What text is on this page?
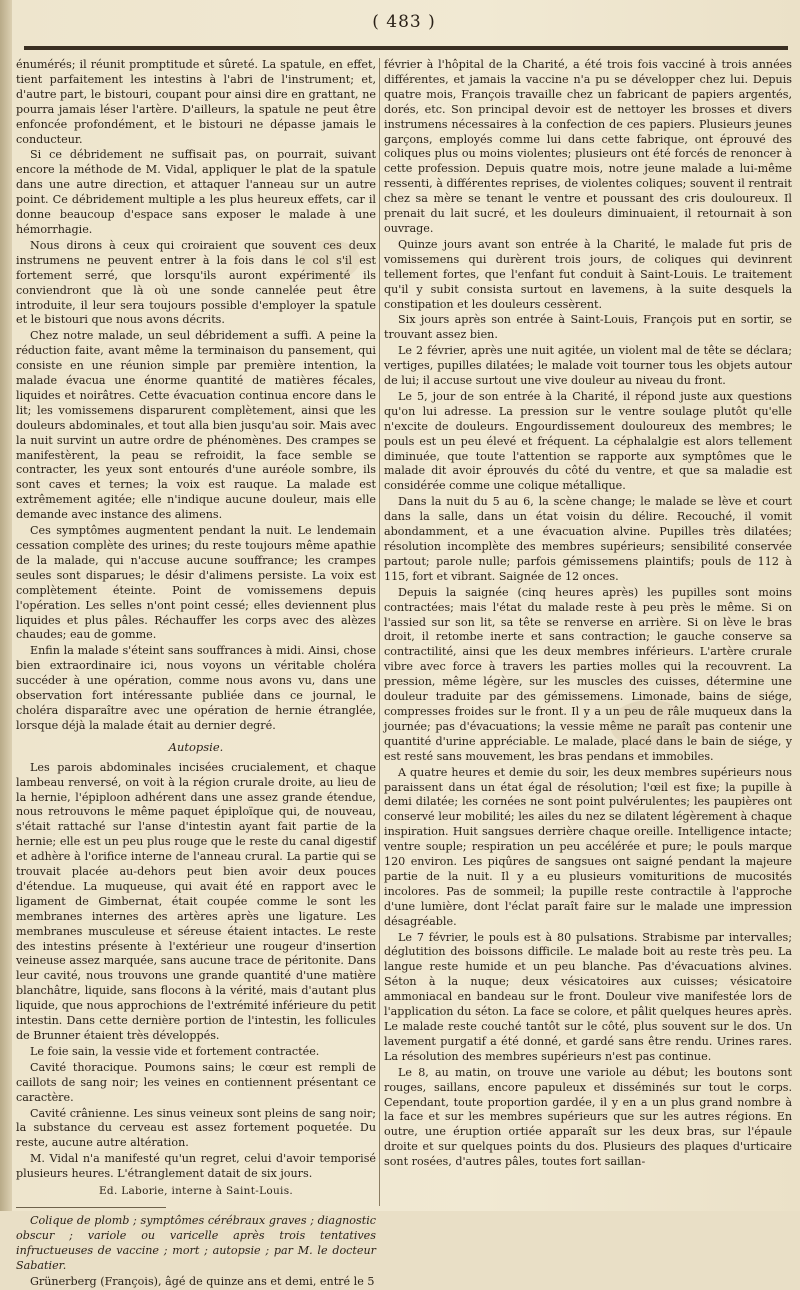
( 483 )

énumérés; il réunit promptitude et sûreté. La spatule, en effet, tient parfaitement les intestins à l'abri de l'instrument; et, d'autre part, le bistouri, coupant pour ainsi dire en grattant, ne pourra jamais léser l'artère. D'ailleurs, la spatule ne peut être enfoncée profondément, et le bistouri ne dépasse jamais le conducteur.

Si ce débridement ne suffisait pas, on pourrait, suivant encore la méthode de M. Vidal, appliquer le plat de la spatule dans une autre direction, et attaquer l'anneau sur un autre point. Ce débridement multiple a les plus heureux effets, car il donne beaucoup d'espace sans exposer le malade à une hémorrhagie.

Nous dirons à ceux qui croiraient que souvent ces deux instrumens ne peuvent entrer à la fois dans le col s'il est fortement serré, que lorsqu'ils auront expérimenté ils conviendront que là où une sonde cannelée peut être introduite, il leur sera toujours possible d'employer la spatule et le bistouri que nous avons décrits.

Chez notre malade, un seul débridement a suffi. A peine la réduction faite, avant même la terminaison du pansement, qui consiste en une réunion simple par première intention, la malade évacua une énorme quantité de matières fécales, liquides et noirâtres. Cette évacuation continua encore dans le lit; les vomissemens disparurent complètement, ainsi que les douleurs abdominales, et tout alla bien jusqu'au soir. Mais avec la nuit survint un autre ordre de phénomènes. Des crampes se manifestèrent, la peau se refroidit, la face semble se contracter, les yeux sont entourés d'une auréole sombre, ils sont caves et ternes; la voix est rauque. La malade est extrêmement agitée; elle n'indique aucune douleur, mais elle demande avec instance des alimens.

Ces symptômes augmentent pendant la nuit. Le lendemain cessation complète des urines; du reste toujours même apathie de la malade, qui n'accuse aucune souffrance; les crampes seules sont disparues; le désir d'alimens persiste. La voix est complètement éteinte. Point de vomissemens depuis l'opération. Les selles n'ont point cessé; elles deviennent plus liquides et plus pâles. Réchauffer les corps avec des alèzes chaudes; eau de gomme.

Enfin la malade s'éteint sans souffrances à midi. Ainsi, chose bien extraordinaire ici, nous voyons un véritable choléra succéder à une opération, comme nous avons vu, dans une observation fort intéressante publiée dans ce journal, le choléra disparaître avec une opération de hernie étranglée, lorsque déjà la malade était au dernier degré.

Autopsie.

Les parois abdominales incisées crucialement, et chaque lambeau renversé, on voit à la région crurale droite, au lieu de la hernie, l'épiploon adhérent dans une assez grande étendue, nous retrouvons le même paquet épiploïque qui, de nouveau, s'était rattaché sur l'anse d'intestin ayant fait partie de la hernie; elle est un peu plus rouge que le reste du canal digestif et adhère à l'orifice interne de l'anneau crural. La partie qui se trouvait placée au-dehors peut bien avoir deux pouces d'étendue. La muqueuse, qui avait été en rapport avec le ligament de Gimbernat, était coupée comme le sont les membranes internes des artères après une ligature. Les membranes musculeuse et séreuse étaient intactes. Le reste des intestins présente à l'extérieur une rougeur d'insertion veineuse assez marquée, sans aucune trace de péritonite. Dans leur cavité, nous trouvons une grande quantité d'une matière blanchâtre, liquide, sans flocons à la vérité, mais d'autant plus liquide, que nous approchions de l'extrémité inférieure du petit intestin. Dans cette dernière portion de l'intestin, les follicules de Brunner étaient très développés.

Le foie sain, la vessie vide et fortement contractée.

Cavité thoracique. Poumons sains; le cœur est rempli de caillots de sang noir; les veines en contiennent présentant ce caractère.

Cavité crânienne. Les sinus veineux sont pleins de sang noir; la substance du cerveau est assez fortement poquetée. Du reste, aucune autre altération.

M. Vidal n'a manifesté qu'un regret, celui d'avoir temporisé plusieurs heures. L'étranglement datait de six jours.

Ed. Laborie, interne à Saint-Louis.

Colique de plomb ; symptômes cérébraux graves ; diagnostic obscur ; variole ou varicelle après trois tentatives infructueuses de vaccine ; mort ; autopsie ; par M. le docteur Sabatier.

Grünerberg (François), âgé de quinze ans et demi, entré le 5

février à l'hôpital de la Charité, a été trois fois vacciné à trois années différentes, et jamais la vaccine n'a pu se développer chez lui. Depuis quatre mois, François travaille chez un fabricant de papiers argentés, dorés, etc. Son principal devoir est de nettoyer les brosses et divers instrumens nécessaires à la confection de ces papiers. Plusieurs jeunes garçons, employés comme lui dans cette fabrique, ont éprouvé des coliques plus ou moins violentes; plusieurs ont été forcés de renoncer à cette profession. Depuis quatre mois, notre jeune malade a lui-même ressenti, à différentes reprises, de violentes coliques; souvent il rentrait chez sa mère se tenant le ventre et poussant des cris douloureux. Il prenait du lait sucré, et les douleurs diminuaient, il retournait à son ouvrage.

Quinze jours avant son entrée à la Charité, le malade fut pris de vomissemens qui durèrent trois jours, de coliques qui devinrent tellement fortes, que l'enfant fut conduit à Saint-Louis. Le traitement qu'il y subit consista surtout en lavemens, à la suite desquels la constipation et les douleurs cessèrent.

Six jours après son entrée à Saint-Louis, François put en sortir, se trouvant assez bien.

Le 2 février, après une nuit agitée, un violent mal de tête se déclara; vertiges, pupilles dilatées; le malade voit tourner tous les objets autour de lui; il accuse surtout une vive douleur au niveau du front.

Le 5, jour de son entrée à la Charité, il répond juste aux questions qu'on lui adresse. La pression sur le ventre soulage plutôt qu'elle n'excite de douleurs. Engourdissement douloureux des membres; le pouls est un peu élevé et fréquent. La céphalalgie est alors tellement diminuée, que toute l'attention se rapporte aux symptômes que le malade dit avoir éprouvés du côté du ventre, et que sa maladie est considérée comme une colique métallique.

Dans la nuit du 5 au 6, la scène change; le malade se lève et court dans la salle, dans un état voisin du délire. Recouché, il vomit abondamment, et a une évacuation alvine. Pupilles très dilatées; résolution incomplète des membres supérieurs; sensibilité conservée partout; parole nulle; parfois gémissemens plaintifs; pouls de 112 à 115, fort et vibrant. Saignée de 12 onces.

Depuis la saignée (cinq heures après) les pupilles sont moins contractées; mais l'état du malade reste à peu près le même. Si on l'assied sur son lit, sa tête se renverse en arrière. Si on lève le bras droit, il retombe inerte et sans contraction; le gauche conserve sa contractilité, ainsi que les deux membres inférieurs. L'artère crurale vibre avec force à travers les parties molles qui la recouvrent. La pression, même légère, sur les muscles des cuisses, détermine une douleur traduite par des gémissemens. Limonade, bains de siége, compresses froides sur le front. Il y a un peu de râle muqueux dans la journée; pas d'évacuations; la vessie même ne paraît pas contenir une quantité d'urine appréciable. Le malade, placé dans le bain de siége, y est resté sans mouvement, les bras pendans et immobiles.

A quatre heures et demie du soir, les deux membres supérieurs nous paraissent dans un état égal de résolution; l'œil est fixe; la pupille à demi dilatée; les cornées ne sont point pulvérulentes; les paupières ont conservé leur mobilité; les ailes du nez se dilatent légèrement à chaque inspiration. Huit sangsues derrière chaque oreille. Intelligence intacte; ventre souple; respiration un peu accélérée et pure; le pouls marque 120 environ. Les piqûres de sangsues ont saigné pendant la majeure partie de la nuit. Il y a eu plusieurs vomituritions de mucosités incolores. Pas de sommeil; la pupille reste contractile à l'approche d'une lumière, dont l'éclat paraît faire sur le malade une impression désagréable.

Le 7 février, le pouls est à 80 pulsations. Strabisme par intervalles; déglutition des boissons difficile. Le malade boit au reste très peu. La langue reste humide et un peu blanche. Pas d'évacuations alvines. Séton à la nuque; deux vésicatoires aux cuisses; vésicatoire ammoniacal en bandeau sur le front. Douleur vive manifestée lors de l'application du séton. La face se colore, et pâlit quelques heures après. Le malade reste couché tantôt sur le côté, plus souvent sur le dos. Un lavement purgatif a été donné, et gardé sans être rendu. Urines rares. La résolution des membres supérieurs n'est pas continue.

Le 8, au matin, on trouve une variole au début; les boutons sont rouges, saillans, encore papuleux et disséminés sur tout le corps. Cependant, toute proportion gardée, il y en a un plus grand nombre à la face et sur les membres supérieurs que sur les autres régions. En outre, une éruption ortiée apparaît sur les deux bras, sur l'épaule droite et sur quelques points du dos. Plusieurs des plaques d'urticaire sont rosées, d'autres pâles, toutes fort saillan-
